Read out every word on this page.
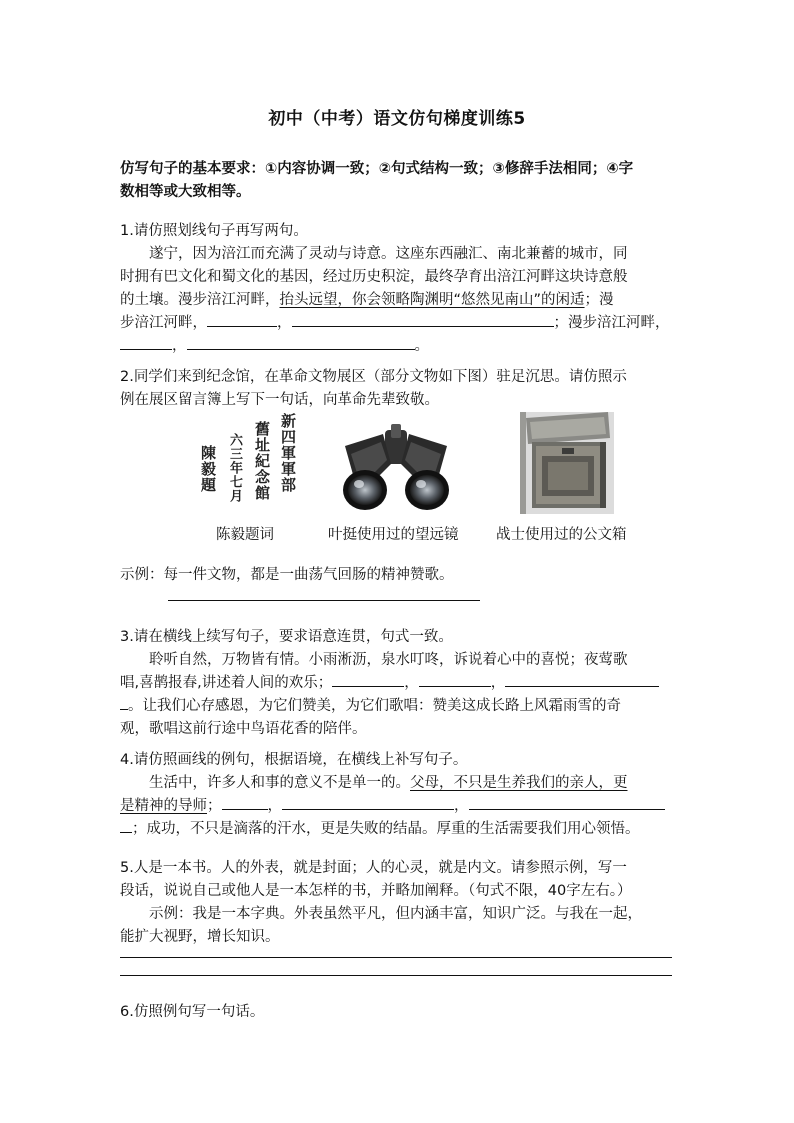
初中（中考）语文仿句梯度训练5
仿写句子的基本要求：①内容协调一致；②句式结构一致；③修辞手法相同；④字
数相等或大致相等。
1.请仿照划线句子再写两句。
遂宁，因为涪江而充满了灵动与诗意。这座东西融汇、南北兼蓄的城市，同
时拥有巴文化和蜀文化的基因，经过历史积淀，最终孕育出涪江河畔这块诗意般
的土壤。漫步涪江河畔，抬头远望，你会领略陶渊明“悠然见南山”的闲适；漫
步涪江河畔，	，	；漫步涪江河畔，
，	。
2.同学们来到纪念馆，在革命文物展区（部分文物如下图）驻足沉思。请仿照示
例在展区留言簿上写下一句话，向革命先辈致敬。
新四軍軍部
舊址紀念館
六三年七月
陳毅題
陈毅题词	叶挺使用过的望远镜	战士使用过的公文箱
示例：每一件文物，都是一曲荡气回肠的精神赞歌。
3.请在横线上续写句子，要求语意连贯，句式一致。
聆听自然，万物皆有情。小雨淅沥，泉水叮咚，诉说着心中的喜悦；夜莺歌
唱,喜鹊报春,讲述着人间的欢乐；	，	，
。让我们心存感恩，为它们赞美，为它们歌唱：赞美这成长路上风霜雨雪的奇
观，歌唱这前行途中鸟语花香的陪伴。
4.请仿照画线的例句，根据语境，在横线上补写句子。
生活中，许多人和事的意义不是单一的。父母，不只是生养我们的亲人，更
是精神的导师；	，	，
；成功，不只是滴落的汗水，更是失败的结晶。厚重的生活需要我们用心领悟。
5.人是一本书。人的外表，就是封面；人的心灵，就是内文。请参照示例，写一
段话，说说自己或他人是一本怎样的书，并略加阐释。（句式不限，40字左右。）
示例：我是一本字典。外表虽然平凡，但内涵丰富，知识广泛。与我在一起，
能扩大视野，增长知识。
6.仿照例句写一句话。
